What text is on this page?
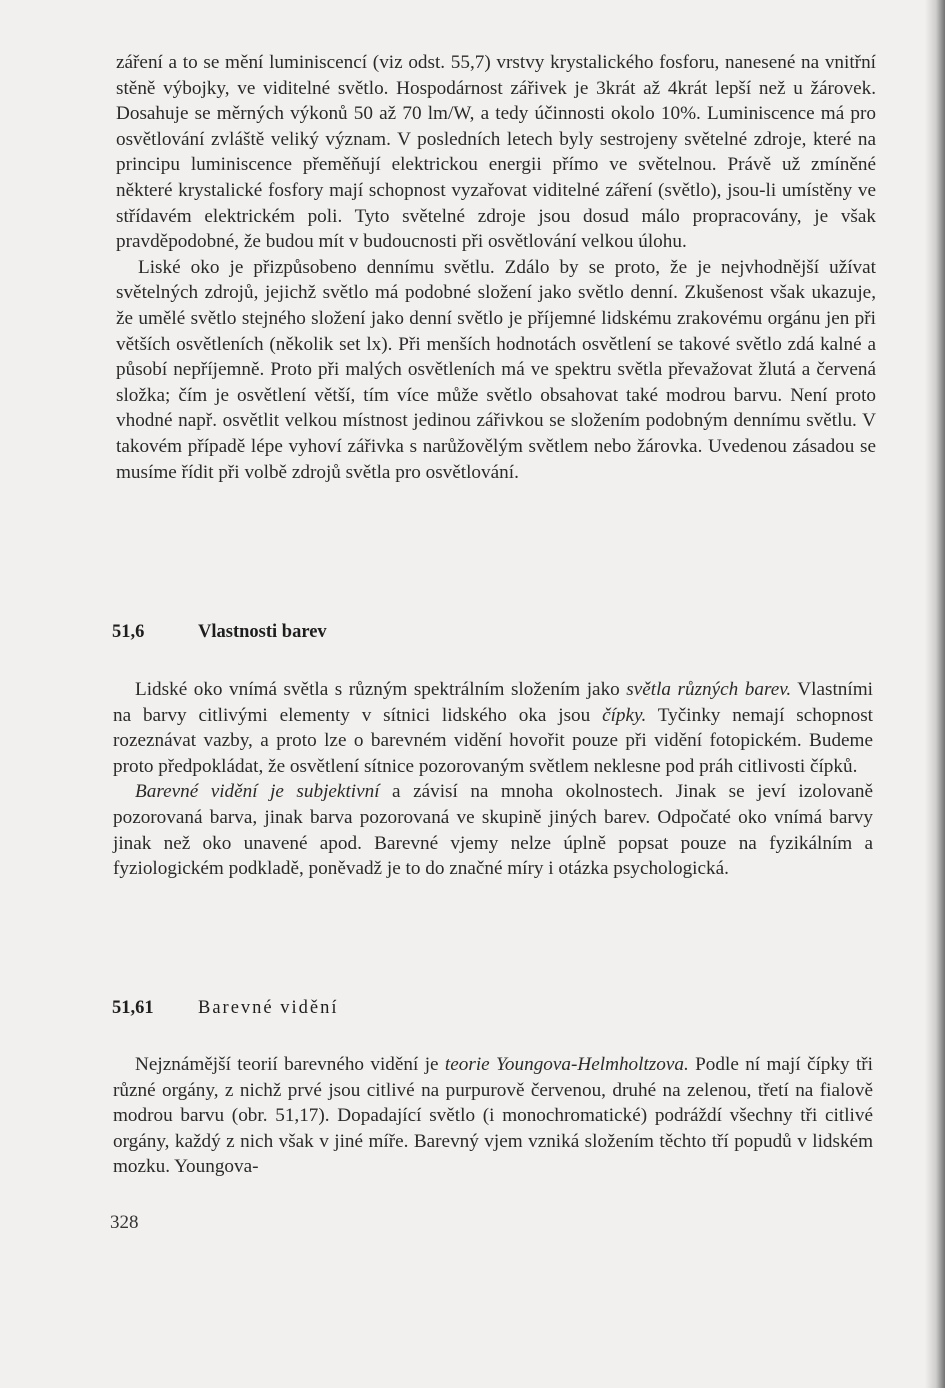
záření a to se mění luminiscencí (viz odst. 55,7) vrstvy krystalického fosforu, nanesené na vnitřní stěně výbojky, ve viditelné světlo. Hospodárnost zářivek je 3krát až 4krát lepší než u žárovek. Dosahuje se měrných výkonů 50 až 70 lm/W, a tedy účinnosti okolo 10%. Luminiscence má pro osvětlování zvláště veliký význam. V posledních letech byly sestrojeny světelné zdroje, které na principu luminiscence přeměňují elektrickou energii přímo ve světelnou. Právě už zmíněné některé krystalické fosfory mají schopnost vyzařovat viditelné záření (světlo), jsou-li umístěny ve střídavém elektrickém poli. Tyto světelné zdroje jsou dosud málo propracovány, je však pravděpodobné, že budou mít v budoucnosti při osvětlování velkou úlohu.

Liské oko je přizpůsobeno dennímu světlu. Zdálo by se proto, že je nejvhodnější užívat světelných zdrojů, jejichž světlo má podobné složení jako světlo denní. Zkušenost však ukazuje, že umělé světlo stejného složení jako denní světlo je příjemné lidskému zrakovému orgánu jen při větších osvětleních (několik set lx). Při menších hodnotách osvětlení se takové světlo zdá kalné a působí nepříjemně. Proto při malých osvětleních má ve spektru světla převažovat žlutá a červená složka; čím je osvětlení větší, tím více může světlo obsahovat také modrou barvu. Není proto vhodné např. osvětlit velkou místnost jedinou zářivkou se složením podobným dennímu světlu. V takovém případě lépe vyhoví zářivka s narůžovělým světlem nebo žárovka. Uvedenou zásadou se musíme řídit při volbě zdrojů světla pro osvětlování.

51,6	Vlastnosti barev

Lidské oko vnímá světla s různým spektrálním složením jako světla různých barev. Vlastními na barvy citlivými elementy v sítnici lidského oka jsou čípky. Tyčinky nemají schopnost rozeznávat vazby, a proto lze o barevném vidění hovořit pouze při vidění fotopickém. Budeme proto předpokládat, že osvětlení sítnice pozorovaným světlem neklesne pod práh citlivosti čípků.

Barevné vidění je subjektivní a závisí na mnoha okolnostech. Jinak se jeví izolovaně pozorovaná barva, jinak barva pozorovaná ve skupině jiných barev. Odpočaté oko vnímá barvy jinak než oko unavené apod. Barevné vjemy nelze úplně popsat pouze na fyzikálním a fyziologickém podkladě, poněvadž je to do značné míry i otázka psychologická.

51,61 Barevné vidění

Nejznámější teorií barevného vidění je teorie Youngova-Helmholtzova. Podle ní mají čípky tři různé orgány, z nichž prvé jsou citlivé na purpurově červenou, druhé na zelenou, třetí na fialově modrou barvu (obr. 51,17). Dopadající světlo (i monochromatické) podráždí všechny tři citlivé orgány, každý z nich však v jiné míře. Barevný vjem vzniká složením těchto tří popudů v lidském mozku. Youngova-

328
